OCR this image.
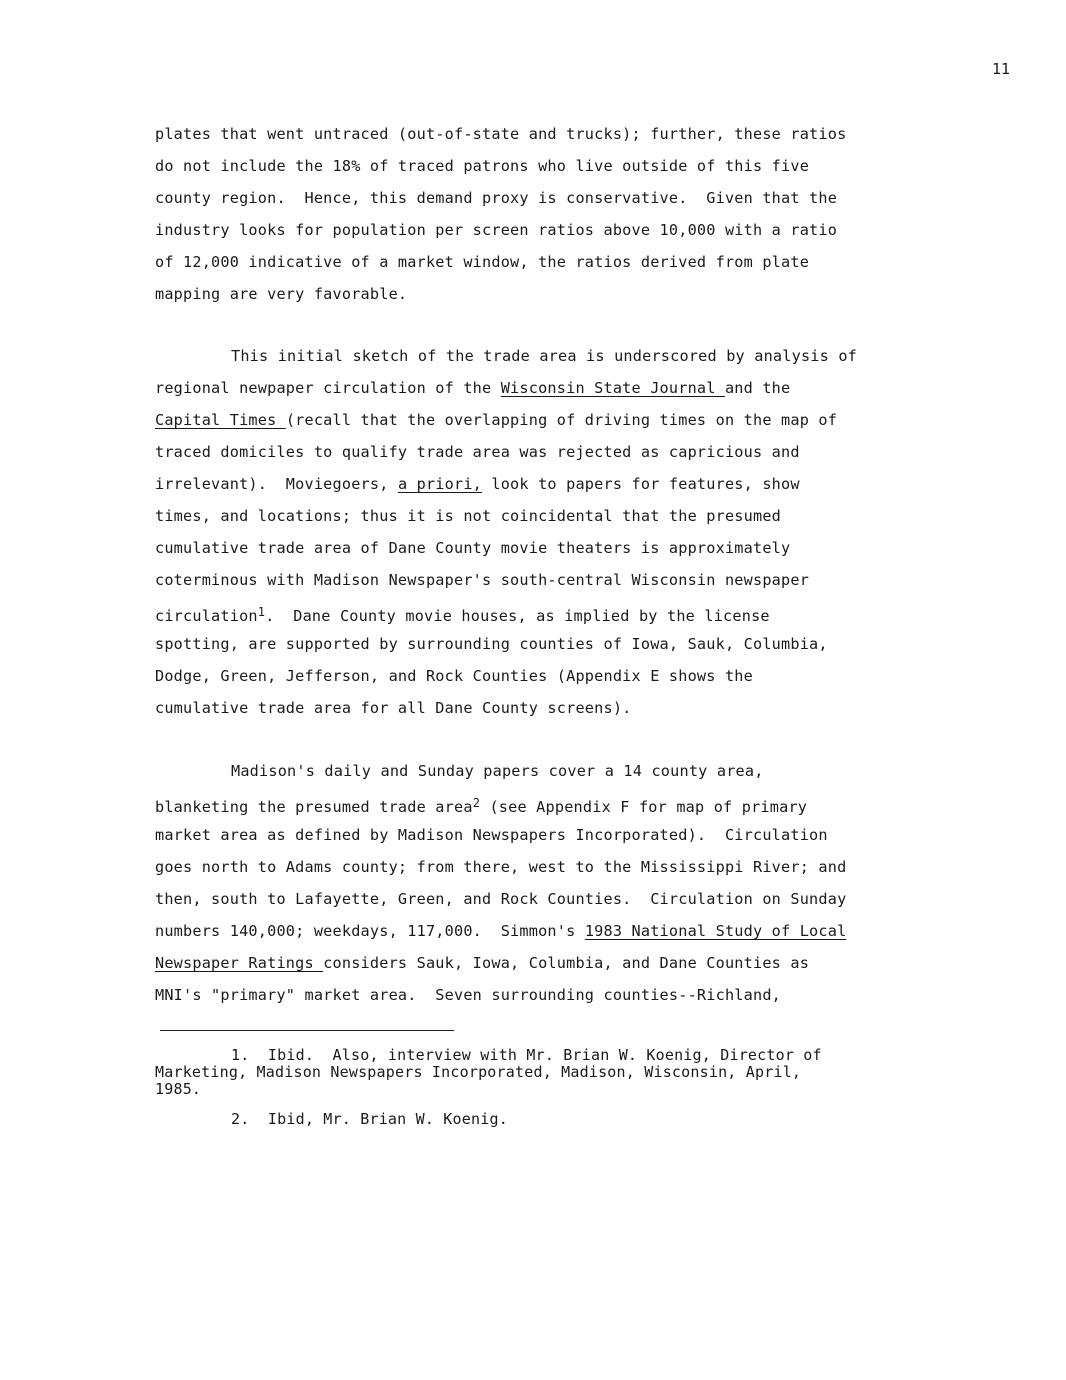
11
plates that went untraced (out-of-state and trucks); further, these ratios
do not include the 18% of traced patrons who live outside of this five
county region.  Hence, this demand proxy is conservative.  Given that the
industry looks for population per screen ratios above 10,000 with a ratio
of 12,000 indicative of a market window, the ratios derived from plate
mapping are very favorable.
This initial sketch of the trade area is underscored by analysis of
regional newpaper circulation of the Wisconsin State Journal and the
Capital Times (recall that the overlapping of driving times on the map of
traced domiciles to qualify trade area was rejected as capricious and
irrelevant).  Moviegoers, a priori, look to papers for features, show
times, and locations; thus it is not coincidental that the presumed
cumulative trade area of Dane County movie theaters is approximately
coterminous with Madison Newspaper's south-central Wisconsin newspaper
circulation$^1$.  Dane County movie houses, as implied by the license
spotting, are supported by surrounding counties of Iowa, Sauk, Columbia,
Dodge, Green, Jefferson, and Rock Counties (Appendix E shows the
cumulative trade area for all Dane County screens).
Madison's daily and Sunday papers cover a 14 county area,
blanketing the presumed trade area$^2$ (see Appendix F for map of primary
market area as defined by Madison Newspapers Incorporated).  Circulation
goes north to Adams county; from there, west to the Mississippi River; and
then, south to Lafayette, Green, and Rock Counties.  Circulation on Sunday
numbers 140,000; weekdays, 117,000.  Simmon's 1983 National Study of Local
Newspaper Ratings considers Sauk, Iowa, Columbia, and Dane Counties as
MNI's "primary" market area.  Seven surrounding counties--Richland,
1.  Ibid.  Also, interview with Mr. Brian W. Koenig, Director of
Marketing, Madison Newspapers Incorporated, Madison, Wisconsin, April,
1985.
2.  Ibid, Mr. Brian W. Koenig.
